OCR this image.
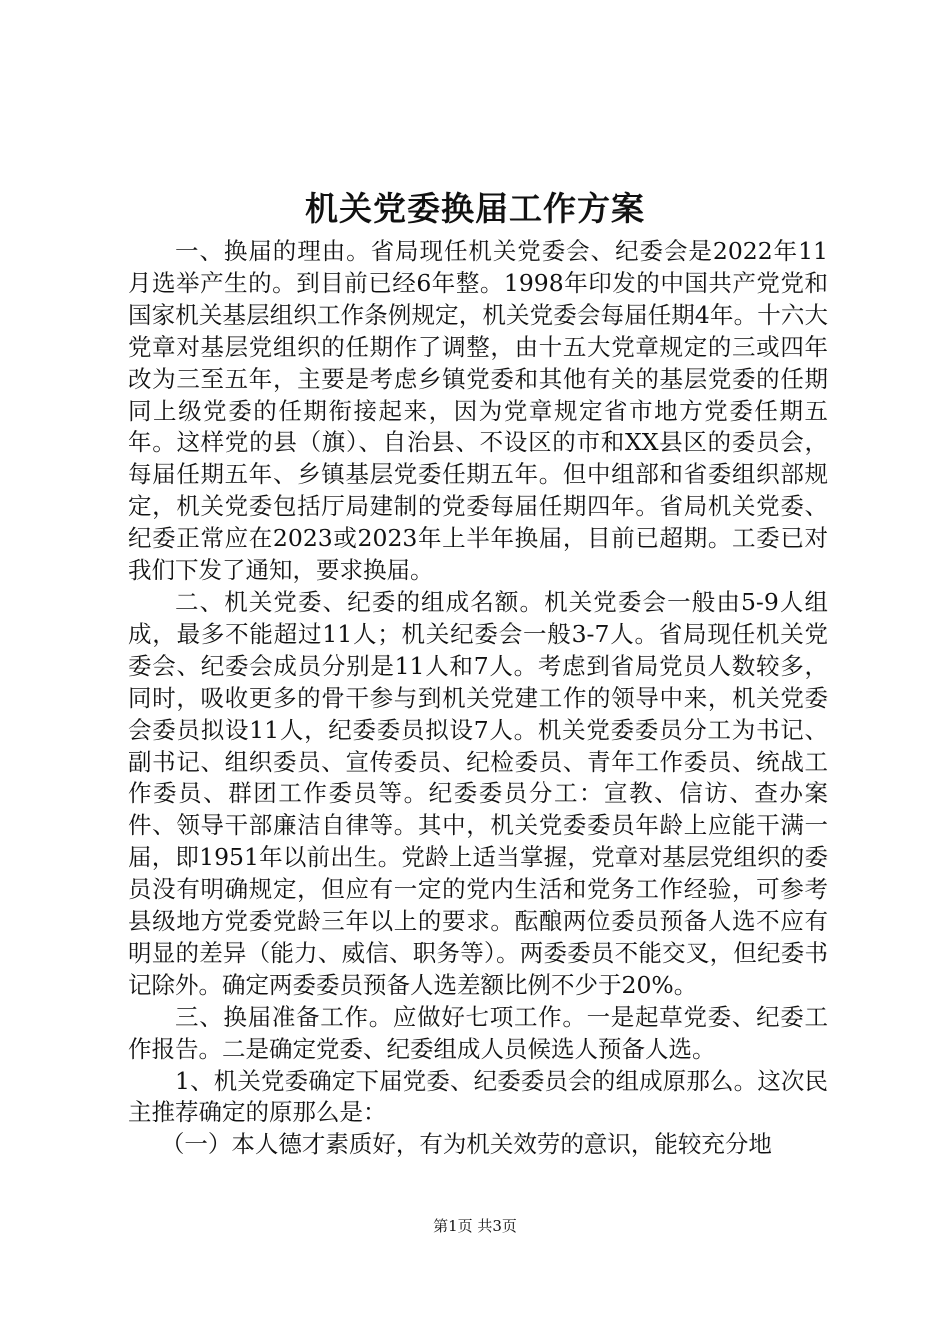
机关党委换届工作方案

一、换届的理由。省局现任机关党委会、纪委会是2022年11月选举产生的。到目前已经6年整。1998年印发的中国共产党党和国家机关基层组织工作条例规定，机关党委会每届任期4年。十六大党章对基层党组织的任期作了调整，由十五大党章规定的三或四年改为三至五年，主要是考虑乡镇党委和其他有关的基层党委的任期同上级党委的任期衔接起来，因为党章规定省市地方党委任期五年。这样党的县（旗）、自治县、不设区的市和XX县区的委员会，每届任期五年、乡镇基层党委任期五年。但中组部和省委组织部规定，机关党委包括厅局建制的党委每届任期四年。省局机关党委、纪委正常应在2023或2023年上半年换届，目前已超期。工委已对我们下发了通知，要求换届。

二、机关党委、纪委的组成名额。机关党委会一般由5-9人组成，最多不能超过11人；机关纪委会一般3-7人。省局现任机关党委会、纪委会成员分别是11人和7人。考虑到省局党员人数较多，同时，吸收更多的骨干参与到机关党建工作的领导中来，机关党委会委员拟设11人，纪委委员拟设7人。机关党委委员分工为书记、副书记、组织委员、宣传委员、纪检委员、青年工作委员、统战工作委员、群团工作委员等。纪委委员分工：宣教、信访、查办案件、领导干部廉洁自律等。其中，机关党委委员年龄上应能干满一届，即1951年以前出生。党龄上适当掌握，党章对基层党组织的委员没有明确规定，但应有一定的党内生活和党务工作经验，可参考县级地方党委党龄三年以上的要求。酝酿两位委员预备人选不应有明显的差异（能力、威信、职务等）。两委委员不能交叉，但纪委书记除外。确定两委委员预备人选差额比例不少于20%。

三、换届准备工作。应做好七项工作。一是起草党委、纪委工作报告。二是确定党委、纪委组成人员候选人预备人选。

1、机关党委确定下届党委、纪委委员会的组成原那么。这次民主推荐确定的原那么是：

（一）本人德才素质好，有为机关效劳的意识，能较充分地

第1页 共3页
